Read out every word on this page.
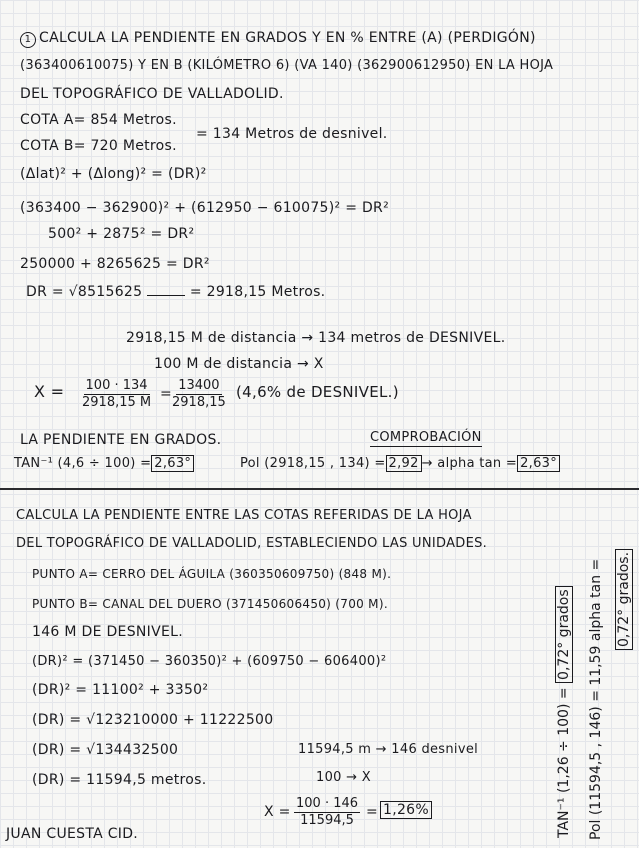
1 CALCULA LA PENDIENTE EN GRADOS Y EN % ENTRE (A) (PERDIGÓN)
(363400610075) Y EN B (KILÓMETRO 6) (VA 140) (362900612950) EN LA HOJA
DEL TOPOGRÁFICO DE VALLADOLID.
COTA A= 854 Metros.
COTA B= 720 Metros.
= 134 Metros de desnivel.
(Δlat)² + (Δlong)² = (DR)²
(363400 − 362900)² + (612950 − 610075)² = DR²
500² + 2875² = DR²
250000 + 8265625 = DR²
DR = √8515625	= 2918,15 Metros.
2918,15 M de distancia → 134 metros de DESNIVEL.
100 M de distancia → X
$X = \frac{100 \cdot 134}{2918,15 M} = \frac{13400}{2918,15} (4,6\%$ de DESNIVEL.)
LA PENDIENTE EN GRADOS.	COMPROBACIÓN
TAN⁻¹ (4,6 ÷ 100) = 2,63°	Pol (2918,15 , 134) = 2,92 → alpha tan = 2,63°
CALCULA LA PENDIENTE ENTRE LAS COTAS REFERIDAS DE LA HOJA
DEL TOPOGRÁFICO DE VALLADOLID, ESTABLECIENDO LAS UNIDADES.
PUNTO A= CERRO DEL ÁGUILA (360350609750) (848 M).
PUNTO B= CANAL DEL DUERO (371450606450) (700 M).
146 M DE DESNIVEL.
(DR)² = (371450 − 360350)² + (609750 − 606400)²
(DR)² = 11100² + 3350²
(DR) = √123210000 + 11222500
(DR) = √134432500
(DR) = 11594,5 metros.
11594,5 m → 146 desnivel
100 → X
$X = \frac{100 \cdot 146}{11594,5} = 1,26\%$	TAN⁻¹ (1,26 ÷ 100) = 0,72° grados Pol (11594,5 , 146) = 11,59 alpha tan = 0,72° grados.
JUAN CUESTA CID.
